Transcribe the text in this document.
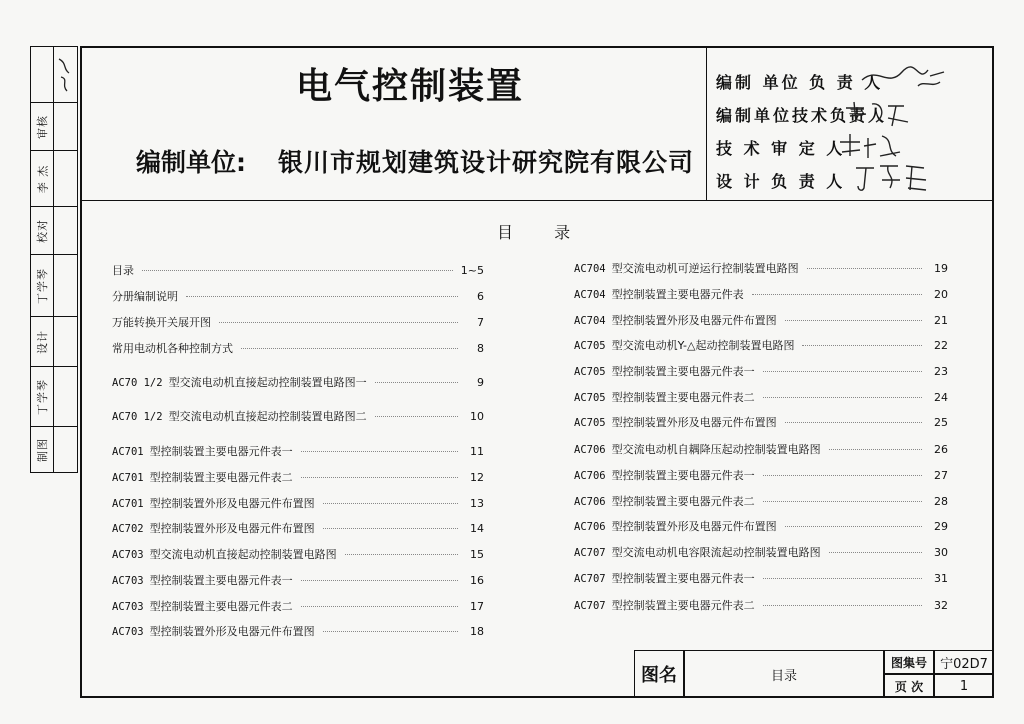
审核
李 杰
校对
丁学琴
设计
丁学琴
制图
电气控制装置
编制单位: 银川市规划建筑设计研究院有限公司
编制 单位 负 责 人
编制单位技术负责人
技 术 审 定 人
设 计 负 责 人
目 录
目录	1~5
分册编制说明	6
万能转换开关展开图	7
常用电动机各种控制方式	8
AC70 1/2 型交流电动机直接起动控制装置电路图一	9
AC70 1/2 型交流电动机直接起动控制装置电路图二	10
AC701 型控制装置主要电器元件表一	11
AC701 型控制装置主要电器元件表二	12
AC701 型控制装置外形及电器元件布置图	13
AC702 型控制装置外形及电器元件布置图	14
AC703 型交流电动机直接起动控制装置电路图	15
AC703 型控制装置主要电器元件表一	16
AC703 型控制装置主要电器元件表二	17
AC703 型控制装置外形及电器元件布置图	18
AC704 型交流电动机可逆运行控制装置电路图	19
AC704 型控制装置主要电器元件表	20
AC704 型控制装置外形及电器元件布置图	21
AC705 型交流电动机Y-△起动控制装置电路图	22
AC705 型控制装置主要电器元件表一	23
AC705 型控制装置主要电器元件表二	24
AC705 型控制装置外形及电器元件布置图	25
AC706 型交流电动机自耦降压起动控制装置电路图	26
AC706 型控制装置主要电器元件表一	27
AC706 型控制装置主要电器元件表二	28
AC706 型控制装置外形及电器元件布置图	29
AC707 型交流电动机电容限流起动控制装置电路图	30
AC707 型控制装置主要电器元件表一	31
AC707 型控制装置主要电器元件表二	32
图名	目录
图集号 宁02D7
页 次	1
